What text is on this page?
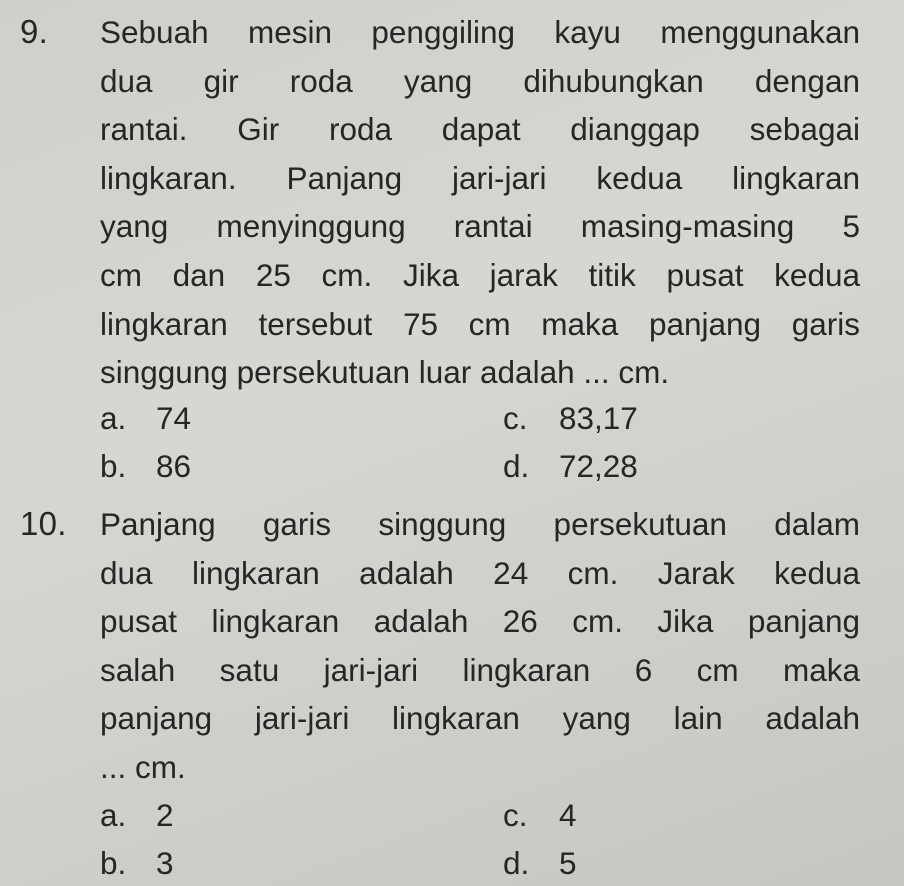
9. Sebuah mesin penggiling kayu menggunakan
dua gir roda yang dihubungkan dengan
rantai. Gir roda dapat dianggap sebagai
lingkaran. Panjang jari-jari kedua lingkaran
yang menyinggung rantai masing-masing 5
cm dan 25 cm. Jika jarak titik pusat kedua
lingkaran tersebut 75 cm maka panjang garis
singgung persekutuan luar adalah ... cm.
a. 74
b. 86
c. 83,17
d. 72,28
10. Panjang garis singgung persekutuan dalam
dua lingkaran adalah 24 cm. Jarak kedua
pusat lingkaran adalah 26 cm. Jika panjang
salah satu jari-jari lingkaran 6 cm maka
panjang jari-jari lingkaran yang lain adalah
... cm.
a. 2
b. 3
c. 4
d. 5
